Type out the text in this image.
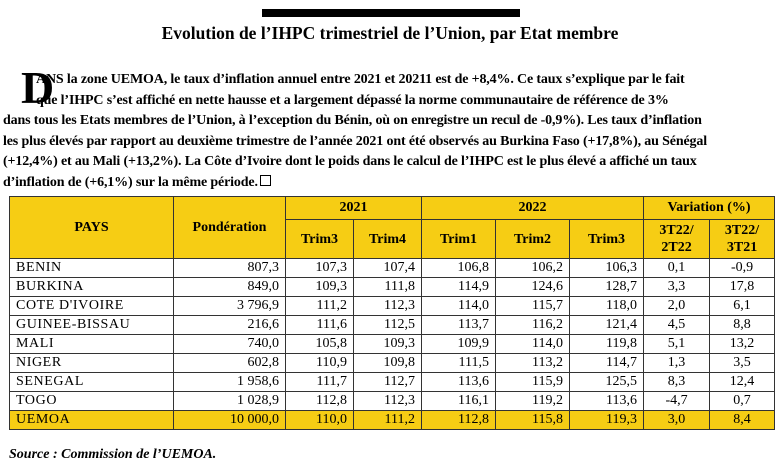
Evolution de l’IHPC trimestriel de l’Union, par Etat membre
D
ANS la zone UEMOA, le taux d’inflation annuel entre 2021 et 20211 est de +8,4%. Ce taux s’explique par le fait
que l’IHPC s’est affiché en nette hausse et a largement dépassé la norme communautaire de référence de 3%
dans tous les Etats membres de l’Union, à l’exception du Bénin, où on enregistre un recul de -0,9%). Les taux d’inflation
les plus élevés par rapport au deuxième trimestre de l’année 2021 ont été observés au Burkina Faso (+17,8%), au Sénégal
(+12,4%) et au Mali (+13,2%). La Côte d’Ivoire dont le poids dans le calcul de l’IHPC est le plus élevé a affiché un taux
d’inflation de (+6,1%) sur la même période.
PAYS	Pondération	2021		2022			Variation (%)	
		Trim3	Trim4	Trim1	Trim2	Trim3	3T22/ 2T22	3T22/ 3T21
BENIN	807,3	107,3	107,4	106,8	106,2	106,3	0,1	-0,9
BURKINA	849,0	109,3	111,8	114,9	124,6	128,7	3,3	17,8
COTE D'IVOIRE	3 796,9	111,2	112,3	114,0	115,7	118,0	2,0	6,1
GUINEE-BISSAU	216,6	111,6	112,5	113,7	116,2	121,4	4,5	8,8
MALI	740,0	105,8	109,3	109,9	114,0	119,8	5,1	13,2
NIGER	602,8	110,9	109,8	111,5	113,2	114,7	1,3	3,5
SENEGAL	1 958,6	111,7	112,7	113,6	115,9	125,5	8,3	12,4
TOGO	1 028,9	112,8	112,3	116,1	119,2	113,6	-4,7	0,7
UEMOA	10 000,0	110,0	111,2	112,8	115,8	119,3	3,0	8,4
Source : Commission de l’UEMOA.
